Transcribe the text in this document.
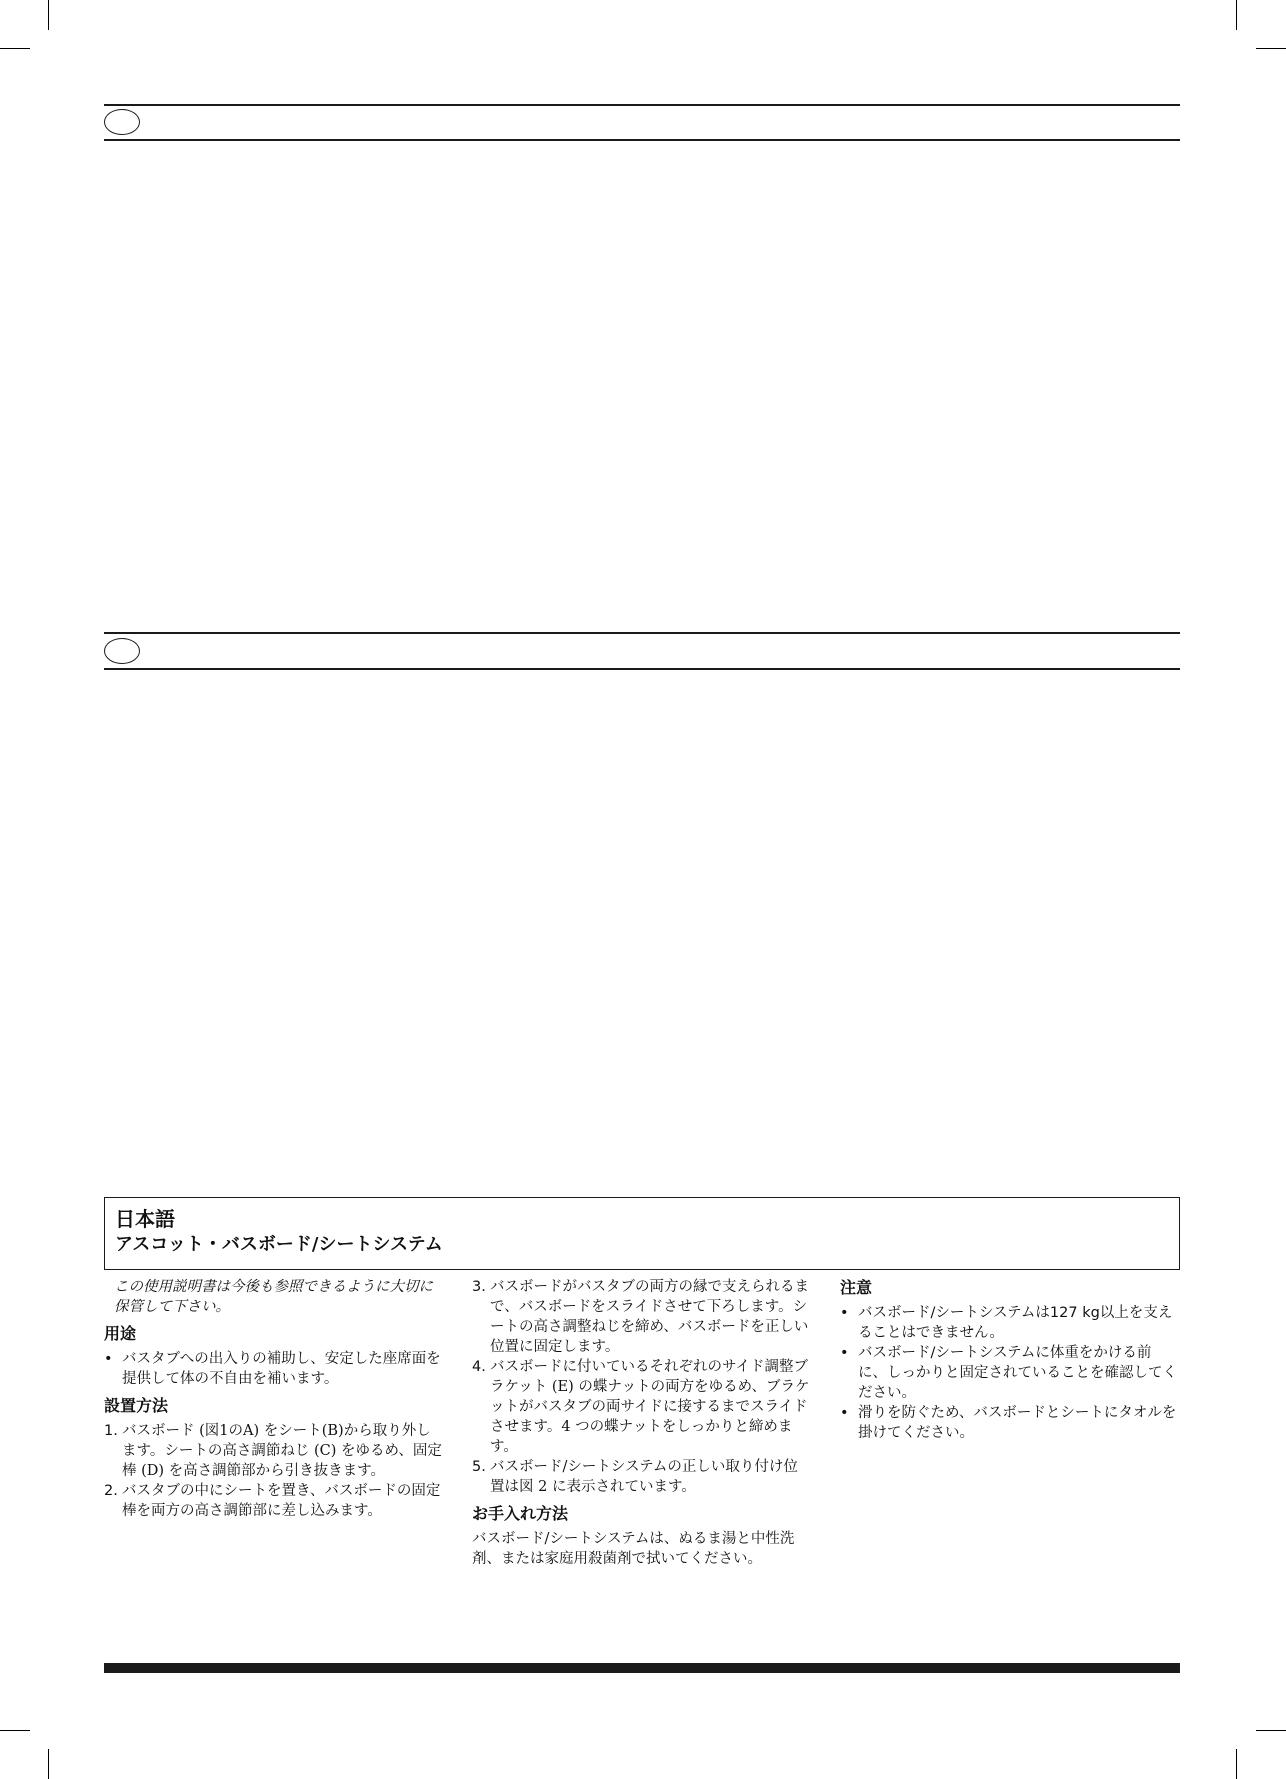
日本語
アスコット・バスボード/シートシステム

この使用説明書は今後も参照できるように大切に保管して下さい。

用途
• バスタブへの出入りの補助し、安定した座席面を提供して体の不自由を補います。
設置方法
1. バスボード (図1のA) をシート(B)から取り外します。シートの高さ調節ねじ (C) をゆるめ、固定棒 (D) を高さ調節部から引き抜きます。
2. バスタブの中にシートを置き、バスボードの固定棒を両方の高さ調節部に差し込みます。
3. バスボードがバスタブの両方の縁で支えられるまで、バスボードをスライドさせて下ろします。シートの高さ調整ねじを締め、バスボードを正しい位置に固定します。
4. バスボードに付いているそれぞれのサイド調整ブラケット (E) の蝶ナットの両方をゆるめ、ブラケットがバスタブの両サイドに接するまでスライドさせます。4 つの蝶ナットをしっかりと締めます。
5. バスボード/シートシステムの正しい取り付け位置は図 2 に表示されています。
お手入れ方法

バスボード/シートシステムは、ぬるま湯と中性洗剤、または家庭用殺菌剤で拭いてください。

注意
• バスボード/シートシステムは127 kg以上を支えることはできません。
• バスボード/シートシステムに体重をかける前に、しっかりと固定されていることを確認してください。
• 滑りを防ぐため、バスボードとシートにタオルを掛けてください。
